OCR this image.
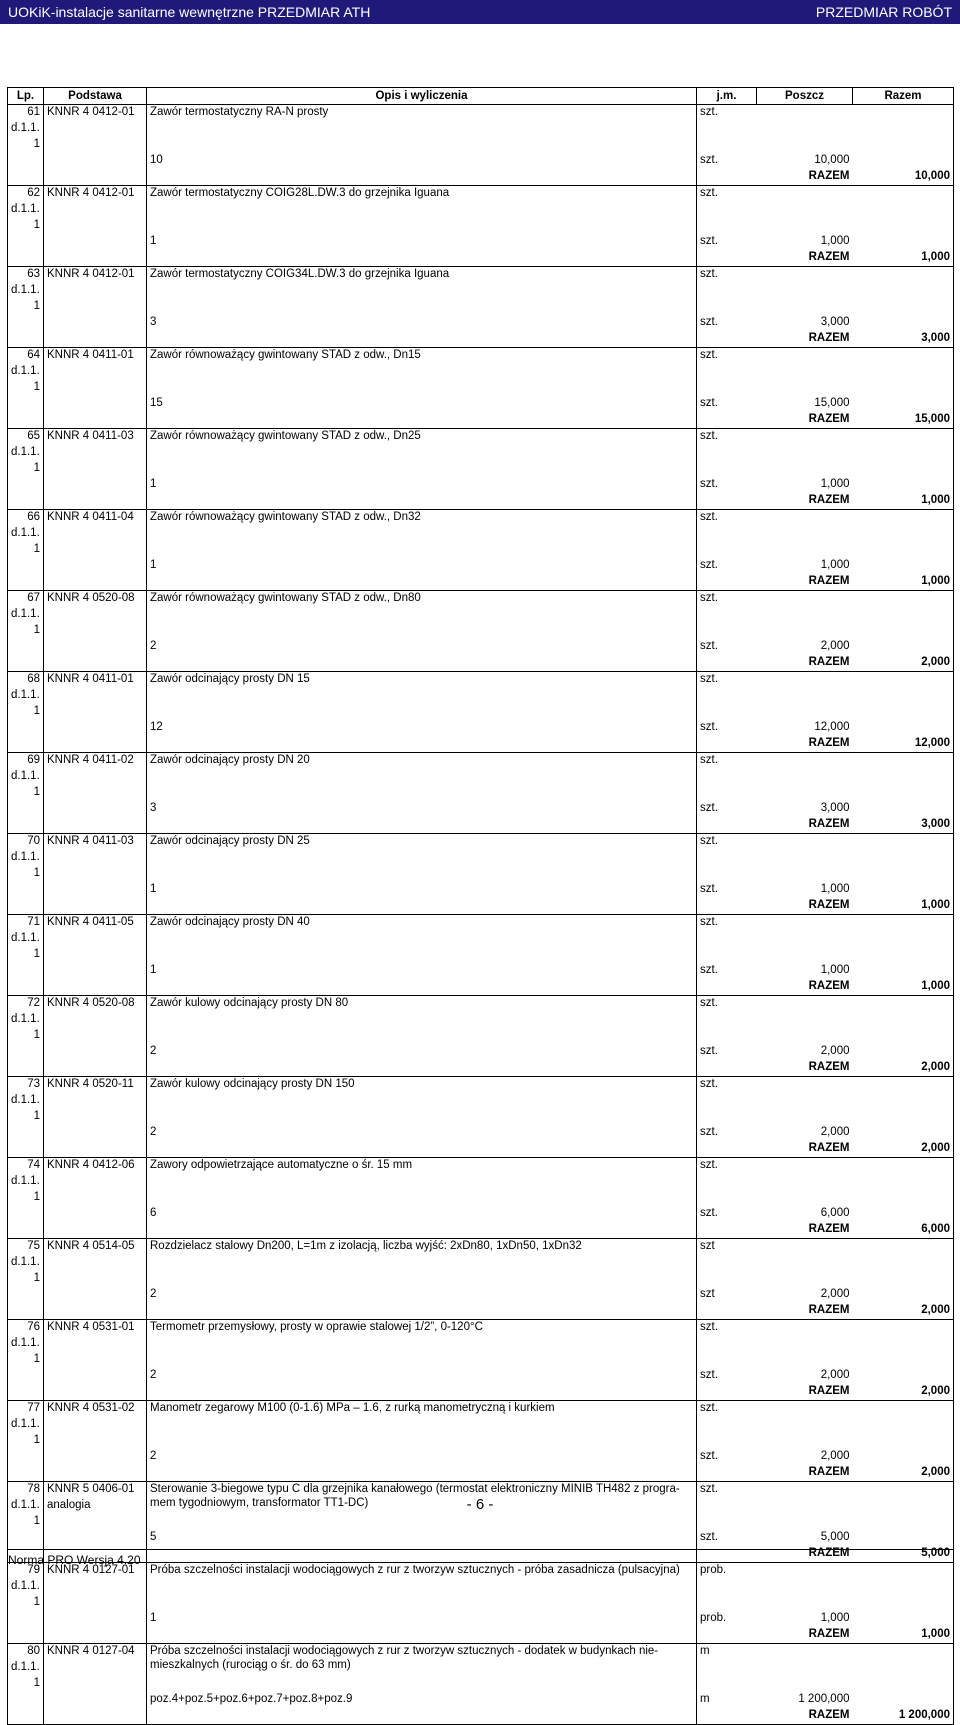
UOKiK-instalacje sanitarne wewnętrzne PRZEDMIAR ATH	PRZEDMIAR ROBÓT
Lp.	Podstawa	Opis i wyliczenia	j.m.	Poszcz	Razem
61	KNNR 4 0412-01	Zawór termostatyczny RA-N prosty	szt.		
d.1.1.					
1					
		10	szt.	10,000	
				RAZEM	10,000
62	KNNR 4 0412-01	Zawór termostatyczny COIG28L.DW.3 do grzejnika Iguana	szt.		
d.1.1.					
1					
		1	szt.	1,000	
				RAZEM	1,000
63	KNNR 4 0412-01	Zawór termostatyczny COIG34L.DW.3 do grzejnika Iguana	szt.		
d.1.1.					
1					
		3	szt.	3,000	
				RAZEM	3,000
64	KNNR 4 0411-01	Zawór równoważący gwintowany STAD z odw., Dn15	szt.		
d.1.1.					
1					
		15	szt.	15,000	
				RAZEM	15,000
65	KNNR 4 0411-03	Zawór równoważący gwintowany STAD z odw., Dn25	szt.		
d.1.1.					
1					
		1	szt.	1,000	
				RAZEM	1,000
66	KNNR 4 0411-04	Zawór równoważący gwintowany STAD z odw., Dn32	szt.		
d.1.1.					
1					
		1	szt.	1,000	
				RAZEM	1,000
67	KNNR 4 0520-08	Zawór równoważący gwintowany STAD z odw., Dn80	szt.		
d.1.1.					
1					
		2	szt.	2,000	
				RAZEM	2,000
68	KNNR 4 0411-01	Zawór odcinający prosty DN 15	szt.		
d.1.1.					
1					
		12	szt.	12,000	
				RAZEM	12,000
69	KNNR 4 0411-02	Zawór odcinający prosty DN 20	szt.		
d.1.1.					
1					
		3	szt.	3,000	
				RAZEM	3,000
70	KNNR 4 0411-03	Zawór odcinający prosty DN 25	szt.		
d.1.1.					
1					
		1	szt.	1,000	
				RAZEM	1,000
71	KNNR 4 0411-05	Zawór odcinający prosty DN 40	szt.		
d.1.1.					
1					
		1	szt.	1,000	
				RAZEM	1,000
72	KNNR 4 0520-08	Zawór kulowy odcinający prosty DN 80	szt.		
d.1.1.					
1					
		2	szt.	2,000	
				RAZEM	2,000
73	KNNR 4 0520-11	Zawór kulowy odcinający prosty DN 150	szt.		
d.1.1.					
1					
		2	szt.	2,000	
				RAZEM	2,000
74	KNNR 4 0412-06	Zawory odpowietrzające automatyczne o śr. 15 mm	szt.		
d.1.1.					
1					
		6	szt.	6,000	
				RAZEM	6,000
75	KNNR 4 0514-05	Rozdzielacz stalowy Dn200, L=1m z izolacją, liczba wyjść: 2xDn80, 1xDn50, 1xDn32	szt		
d.1.1.					
1					
		2	szt	2,000	
				RAZEM	2,000
76	KNNR 4 0531-01	Termometr przemysłowy, prosty w oprawie stalowej 1/2”, 0-120°C	szt.		
d.1.1.					
1					
		2	szt.	2,000	
				RAZEM	2,000
77	KNNR 4 0531-02	Manometr zegarowy M100 (0-1.6) MPa – 1.6, z rurką manometryczną i kurkiem	szt.		
d.1.1.					
1					
		2	szt.	2,000	
				RAZEM	2,000
78	KNNR 5 0406-01	Sterowanie 3-biegowe typu C dla grzejnika kanałowego (termostat elektroniczny MINIB TH482 z progra-mem tygodniowym, transformator TT1-DC)	szt.		
d.1.1.	analogia				
1					
		5	szt.	5,000	
				RAZEM	5,000
79	KNNR 4 0127-01	Próba szczelności instalacji wodociągowych z rur z tworzyw sztucznych - próba zasadnicza (pulsacyjna)	prob.		
d.1.1.					
1					
		1	prob.	1,000	
				RAZEM	1,000
80	KNNR 4 0127-04	Próba szczelności instalacji wodociągowych z rur z tworzyw sztucznych - dodatek w budynkach nie-mieszkalnych (rurociąg o śr. do 63 mm)	m		
d.1.1.					
1					
		poz.4+poz.5+poz.6+poz.7+poz.8+poz.9	m	1 200,000	
				RAZEM	1 200,000
- 6 -
Norma PRO Wersja 4.20
